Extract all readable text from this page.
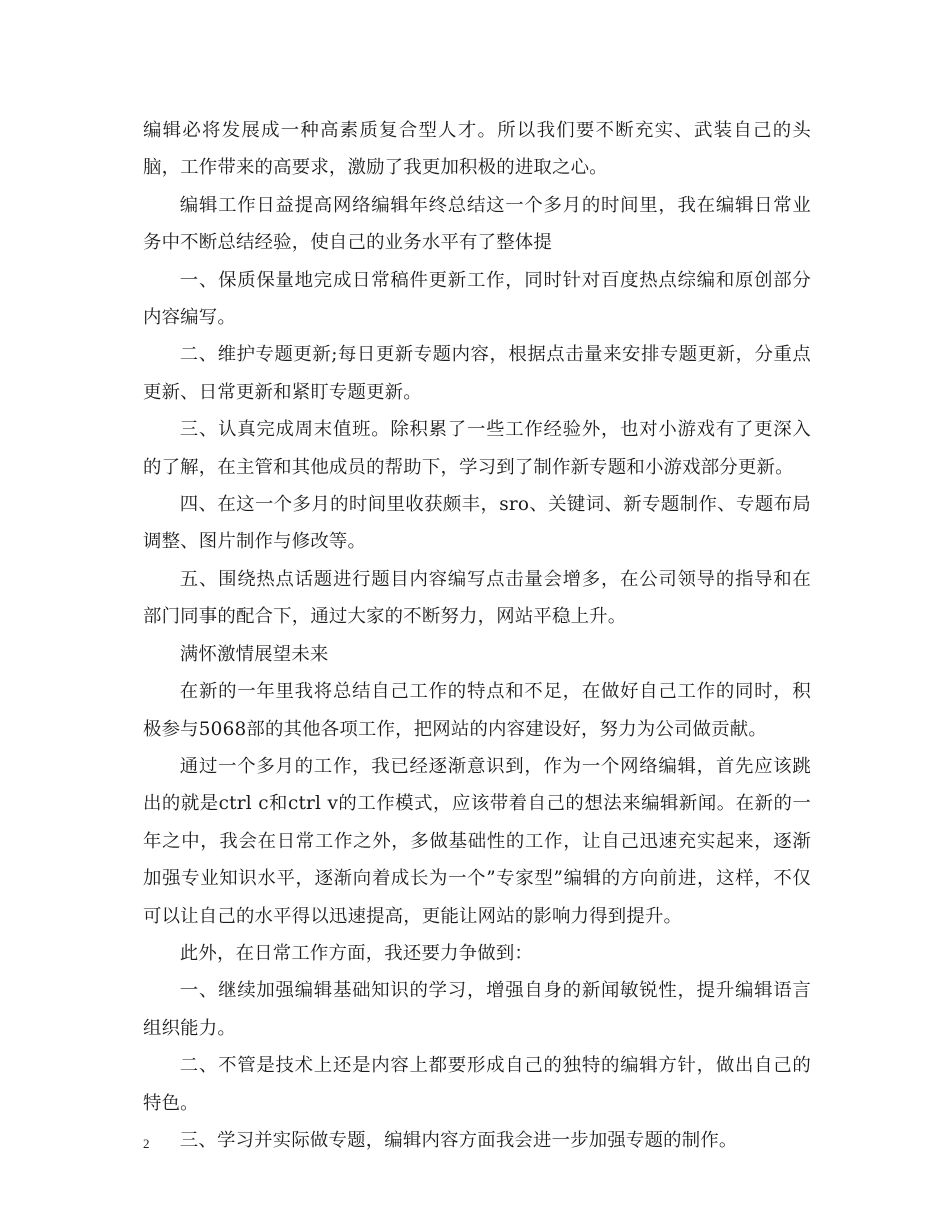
编辑必将发展成一种高素质复合型人才。所以我们要不断充实、武装自己的头脑，工作带来的高要求，激励了我更加积极的进取之心。

编辑工作日益提高网络编辑年终总结这一个多月的时间里，我在编辑日常业务中不断总结经验，使自己的业务水平有了整体提

一、保质保量地完成日常稿件更新工作，同时针对百度热点综编和原创部分内容编写。

二、维护专题更新;每日更新专题内容，根据点击量来安排专题更新，分重点更新、日常更新和紧盯专题更新。

三、认真完成周末值班。除积累了一些工作经验外，也对小游戏有了更深入的了解，在主管和其他成员的帮助下，学习到了制作新专题和小游戏部分更新。

四、在这一个多月的时间里收获颇丰，sro、关键词、新专题制作、专题布局调整、图片制作与修改等。

五、围绕热点话题进行题目内容编写点击量会增多，在公司领导的指导和在部门同事的配合下，通过大家的不断努力，网站平稳上升。

满怀激情展望未来

在新的一年里我将总结自己工作的特点和不足，在做好自己工作的同时，积极参与5068部的其他各项工作，把网站的内容建设好，努力为公司做贡献。

通过一个多月的工作，我已经逐渐意识到，作为一个网络编辑，首先应该跳出的就是ctrl c和ctrl v的工作模式，应该带着自己的想法来编辑新闻。在新的一年之中，我会在日常工作之外，多做基础性的工作，让自己迅速充实起来，逐渐加强专业知识水平，逐渐向着成长为一个”专家型”编辑的方向前进，这样，不仅可以让自己的水平得以迅速提高，更能让网站的影响力得到提升。

此外，在日常工作方面，我还要力争做到：

一、继续加强编辑基础知识的学习，增强自身的新闻敏锐性，提升编辑语言组织能力。

二、不管是技术上还是内容上都要形成自己的独特的编辑方针，做出自己的特色。

三、学习并实际做专题，编辑内容方面我会进一步加强专题的制作。

2
